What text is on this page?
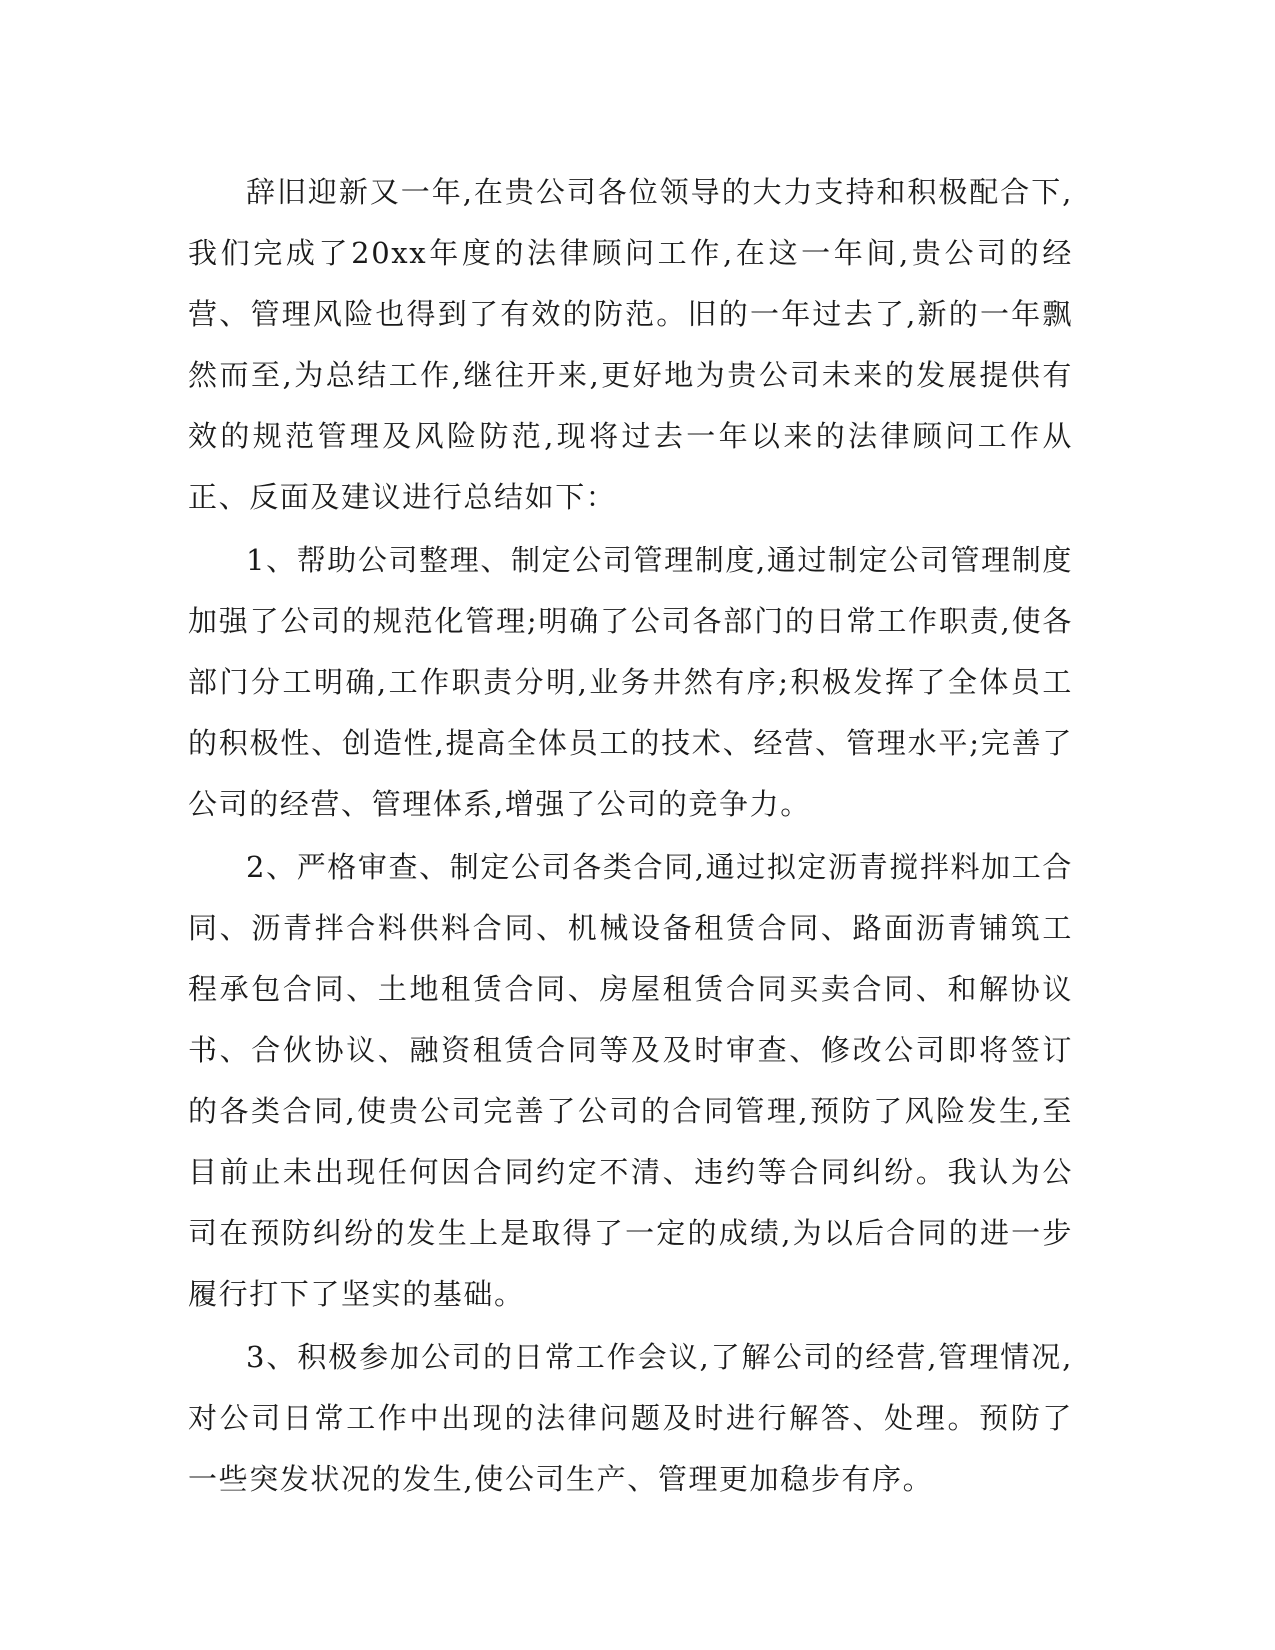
辞旧迎新又一年,在贵公司各位领导的大力支持和积极配合下,我们完成了20xx年度的法律顾问工作,在这一年间,贵公司的经营、管理风险也得到了有效的防范。旧的一年过去了,新的一年飘然而至,为总结工作,继往开来,更好地为贵公司未来的发展提供有效的规范管理及风险防范,现将过去一年以来的法律顾问工作从正、反面及建议进行总结如下：

1、帮助公司整理、制定公司管理制度,通过制定公司管理制度加强了公司的规范化管理;明确了公司各部门的日常工作职责,使各部门分工明确,工作职责分明,业务井然有序;积极发挥了全体员工的积极性、创造性,提高全体员工的技术、经营、管理水平;完善了公司的经营、管理体系,增强了公司的竞争力。

2、严格审查、制定公司各类合同,通过拟定沥青搅拌料加工合同、沥青拌合料供料合同、机械设备租赁合同、路面沥青铺筑工程承包合同、土地租赁合同、房屋租赁合同买卖合同、和解协议书、合伙协议、融资租赁合同等及及时审查、修改公司即将签订的各类合同,使贵公司完善了公司的合同管理,预防了风险发生,至目前止未出现任何因合同约定不清、违约等合同纠纷。我认为公司在预防纠纷的发生上是取得了一定的成绩,为以后合同的进一步履行打下了坚实的基础。

3、积极参加公司的日常工作会议,了解公司的经营,管理情况,对公司日常工作中出现的法律问题及时进行解答、处理。预防了一些突发状况的发生,使公司生产、管理更加稳步有序。
